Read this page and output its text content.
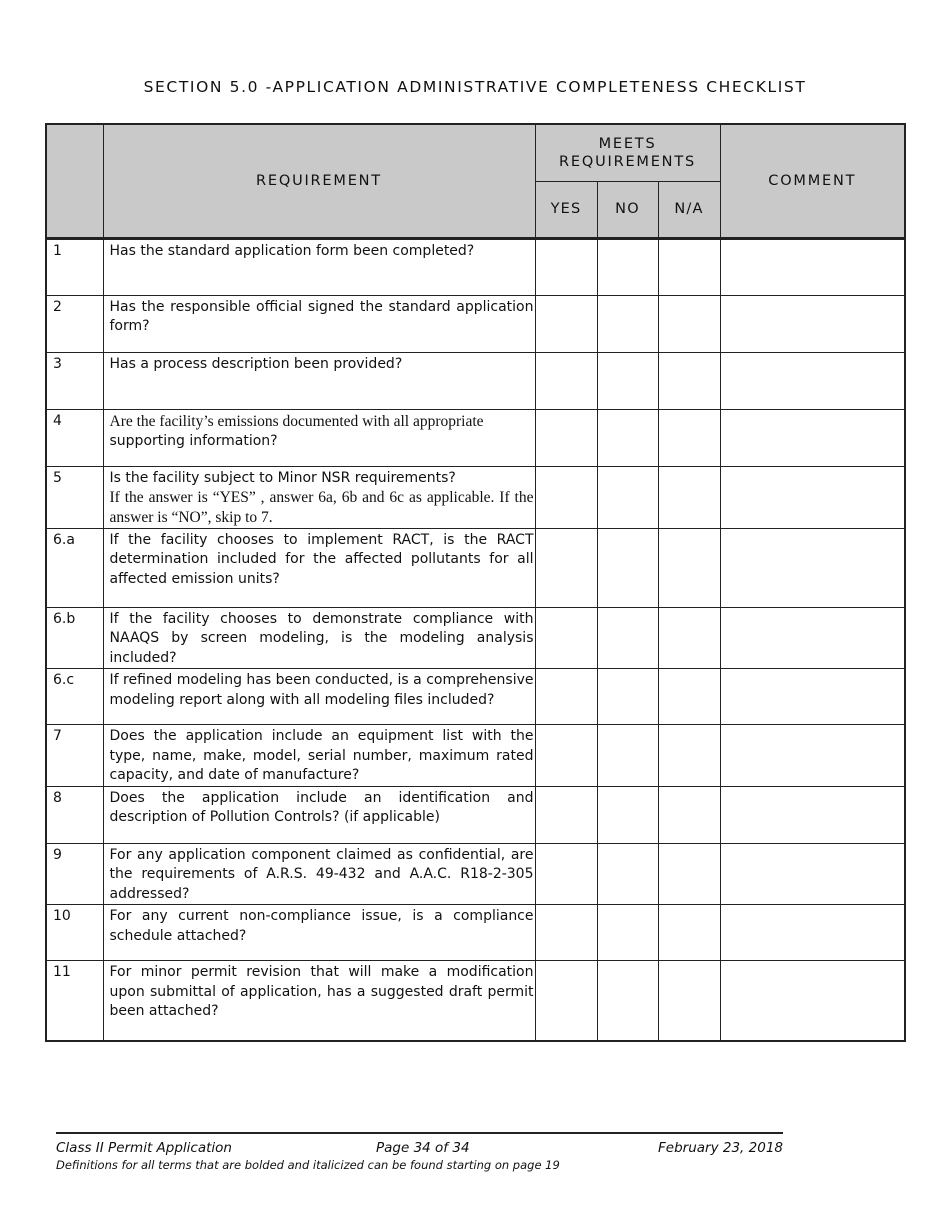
SECTION 5.0 -APPLICATION ADMINISTRATIVE COMPLETENESS CHECKLIST
	REQUIREMENT	MEETS REQUIREMENTS			COMMENT
		YES	NO	N/A	
1	Has the standard application form been completed?				
2	Has the responsible official signed the standard application form?				
3	Has a process description been provided?				
4	Are the facility’s emissions documented with all appropriate
supporting information?				
5	Is the facility subject to Minor NSR requirements?
If the answer is “YES” , answer 6a, 6b and 6c as applicable. If the answer is “NO”, skip to 7.				
6.a	If the facility chooses to implement RACT, is the RACT determination included for the affected pollutants for all affected emission units?				
6.b	If the facility chooses to demonstrate compliance with NAAQS by screen modeling, is the modeling analysis included?				
6.c	If refined modeling has been conducted, is a comprehensive modeling report along with all modeling files included?				
7	Does the application include an equipment list with the type, name, make, model, serial number, maximum rated capacity, and date of manufacture?				
8	Does the application include an identification and description of Pollution Controls? (if applicable)				
9	For any application component claimed as confidential, are the requirements of A.R.S. 49-432 and A.A.C. R18-2-305 addressed?				
10	For any current non-compliance issue, is a compliance schedule attached?				
11	For minor permit revision that will make a modification upon submittal of application, has a suggested draft permit been attached?				
Class II Permit Application	Page 34 of 34	February 23, 2018
Definitions for all terms that are bolded and italicized can be found starting on page 19
